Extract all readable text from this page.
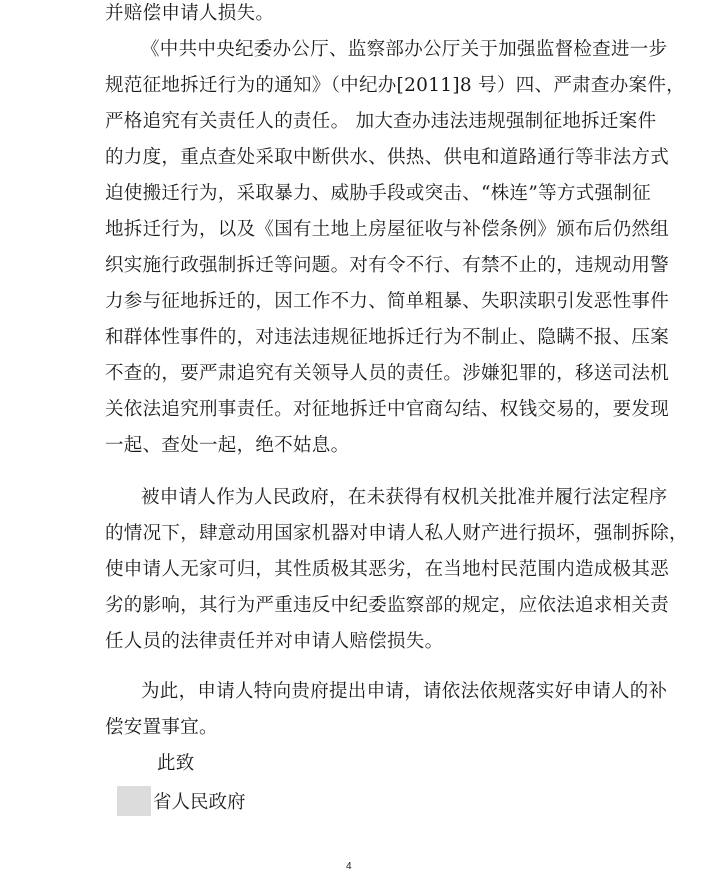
并赔偿申请人损失。
《中共中央纪委办公厅、监察部办公厅关于加强监督检查进一步
规范征地拆迁行为的通知》（中纪办[2011]8 号）四、严肃查办案件，
严格追究有关责任人的责任。 加大查办违法违规强制征地拆迁案件
的力度，重点查处采取中断供水、供热、供电和道路通行等非法方式
迫使搬迁行为，采取暴力、威胁手段或突击、“株连”等方式强制征
地拆迁行为，以及《国有土地上房屋征收与补偿条例》颁布后仍然组
织实施行政强制拆迁等问题。对有令不行、有禁不止的，违规动用警
力参与征地拆迁的，因工作不力、简单粗暴、失职渎职引发恶性事件
和群体性事件的，对违法违规征地拆迁行为不制止、隐瞒不报、压案
不查的，要严肃追究有关领导人员的责任。涉嫌犯罪的，移送司法机
关依法追究刑事责任。对征地拆迁中官商勾结、权钱交易的，要发现
一起、查处一起，绝不姑息。
被申请人作为人民政府，在未获得有权机关批准并履行法定程序
的情况下，肆意动用国家机器对申请人私人财产进行损坏，强制拆除，
使申请人无家可归，其性质极其恶劣，在当地村民范围内造成极其恶
劣的影响，其行为严重违反中纪委监察部的规定，应依法追求相关责
任人员的法律责任并对申请人赔偿损失。
为此，申请人特向贵府提出申请，请依法依规落实好申请人的补
偿安置事宜。
此致
省人民政府
4
